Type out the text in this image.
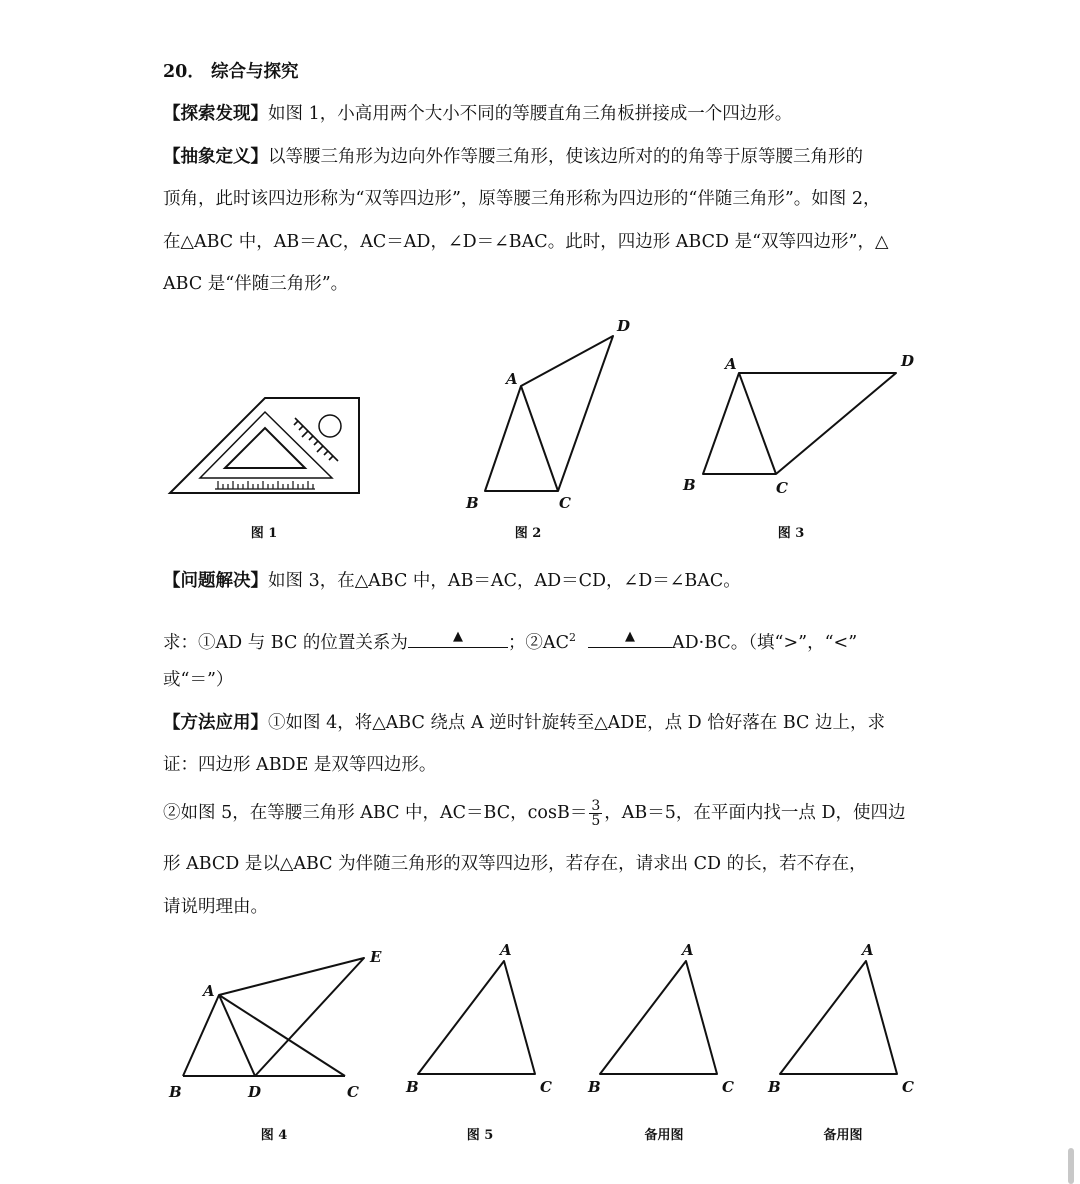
20． 综合与探究
【探索发现】如图 1，小高用两个大小不同的等腰直角三角板拼接成一个四边形。
【抽象定义】以等腰三角形为边向外作等腰三角形，使该边所对的的角等于原等腰三角形的
顶角，此时该四边形称为“双等四边形”，原等腰三角形称为四边形的“伴随三角形”。如图 2，
在△ABC 中，AB＝AC，AC＝AD，∠D＝∠BAC。此时，四边形 ABCD 是“双等四边形”，△
ABC 是“伴随三角形”。
图 1
D
A
B	C
图 2
A	D
B	C
图 3
【问题解决】如图 3，在△ABC 中，AB＝AC，AD＝CD，∠D＝∠BAC。
求：①AD 与 BC 的位置关系为	▲	；$②AC^2$	▲ AD·BC。（填“>”，“<”
或“＝”）
【方法应用】①如图 4，将△ABC 绕点 A 逆时针旋转至△ADE，点 D 恰好落在 BC 边上，求
证：四边形 ABDE 是双等四边形。
②如图 5，在等腰三角形 ABC 中，AC＝BC，$\cos B= \frac{3}{5}$ ，AB＝5，在平面内找一点 D，使四边
形 ABCD 是以△ABC 为伴随三角形的双等四边形，若存在，请求出 CD 的长，若不存在，
请说明理由。
A
E
B	D	C
图 4
A
B	C
图 5
A
B	C
备用图
A
B	C
备用图
